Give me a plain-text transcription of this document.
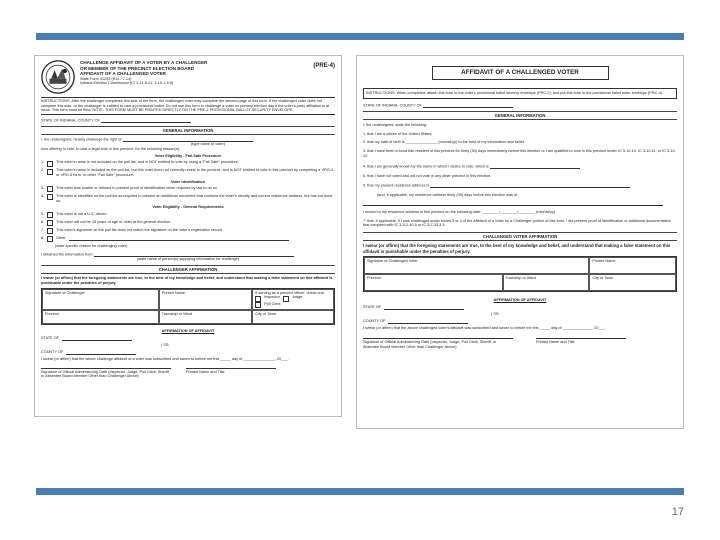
CHALLENGE AFFIDAVIT OF A VOTER BY A CHALLENGER
OR MEMBER OF THE PRECINCT ELECTION BOARD
AFFIDAVIT OF A CHALLENGED VOTER
State Form 41253 (R11 / 7-14)
Indiana Election Commission (IC 3-11-8-21; 3-10-1-9.5)
(PRE-4)
INSTRUCTIONS: After the challenger completes this side of the form, the challenged voter may complete the second page of this form. If the challenged voter does not complete this side, or the challenger is entitled to cast a provisional ballot. Do not use this form to challenge a voter on primary election day if the voter's party affiliation is at issue. This form must be filed. NOTE: THIS FORM MUST BE PRINTED DIRECTLY ON THE PRE-2 PROVISIONAL BALLOT SECURITY ENVELOPE.
STATE OF INDIANA, COUNTY OF
GENERAL INFORMATION
I, the undersigned, hereby challenge the right of
(type name of voter)
now offering to vote, to cast a legal vote in this precinct, for the following reason(s):
Voter Eligibility - Fail-Safe Procedure
1.	This voter's name is not included on the poll list, and is NOT entitled to vote by using a "Fail Safe" procedure.
2.	This voter's name is included on the poll list, but this voter does not currently reside in the precinct, and is NOT entitled to vote in this precinct by completing a VRG-4 or VRG-5 form, or other "Fail Safe" procedure.
Voter Identification
3.	This voter was unable or refused to present proof of identification when required by law to do so.
4.	This voter is identified on the poll list as required to present an additional document that confirms the voter's identity and current residence address, but has not done so.
Voter Eligibility - General Requirements
5.	This voter is not a U.S. citizen.
6.	This voter will not be 18 years of age or older at the general election.
7.	This voter's signature on the poll list does not match the signature on the voter's registration record.
8.	Other
(state specific reason for challenging voter)
I obtained the information from
(state name of person(s) supplying information for challenge)
CHALLENGER AFFIRMATION
I swear (or affirm) that the foregoing statements are true, to the best of my knowledge and belief, and understand that making a false statement on this affidavit is punishable under the penalties of perjury.
Signature of Challenger	Printed Name	If serving as a precinct officer, check one:
Inspector	Judge
Poll Clerk
Precinct	Township or Ward	City or Town
AFFIRMATION OF AFFIDAVIT
STATE OF
) SS:
COUNTY OF
I swear (or affirm) that the above challenge affidavit of a voter was subscribed and sworn to before me this _____ day of _______________, 20___.
Signature of Official Administering Oath (Inspector, Judge, Poll Clerk, Sheriff, or Absentee Board Member Other than Challenger Above)
Printed Name and Title
AFFIDAVIT OF A CHALLENGED VOTER
INSTRUCTIONS: When completed, attach this form to the voter's provisional ballot secrecy envelope (PRC-2), and put this form in the provisional ballot outer envelope (PRC-4).
STATE OF INDIANA, COUNTY OF
GENERAL INFORMATION
I, the undersigned, state the following:
1. that I am a citizen of the United States,
2. that my date of birth is _______________ (mm/dd/yy) to the best of my information and belief.
3. that I have been a bona fide resident of this precinct for thirty (30) days immediately before this election or I am qualified to vote in this precinct under IC 3-10-10, IC 3-10-11, or IC 3-10-12.
4. that I am generally known by the name in which I desire to vote, which is
5. that I have not voted and will not vote in any other precinct in this election.
6. that my present residence address is
(and, if applicable, my residence address thirty (30) days before this election was at
I moved to my residence address in this precinct on the following date: ________/________/________ (mm/dd/yy)
7. that, if applicable, if I was challenged under boxes 3 or 4 of the Affidavit of a Voter by a Challenger portion of this form, I did present proof of identification or additional documentation that complied with IC 3-5-2-40.5 or IC 3-7-33-4.5.
CHALLENGED VOTER AFFIRMATION
I swear (or affirm) that the foregoing statements are true, to the best of my knowledge and belief, and understand that making a false statement on this affidavit is punishable under the penalties of perjury.
Signature of Challenged Voter	Printed Name
Precinct	Township or Ward	City or Town
AFFIRMATION OF AFFIDAVIT
STATE OF
) SS:
COUNTY OF
I swear (or affirm) that the above challenged voter's affidavit was subscribed and sworn to before me this _____ day of ______________, 20___.
Signature of Official Administering Oath (Inspector, Judge, Poll Clerk, Sheriff, or Absentee Board Member Other than Challenger Above)
Printed Name and Title
17
